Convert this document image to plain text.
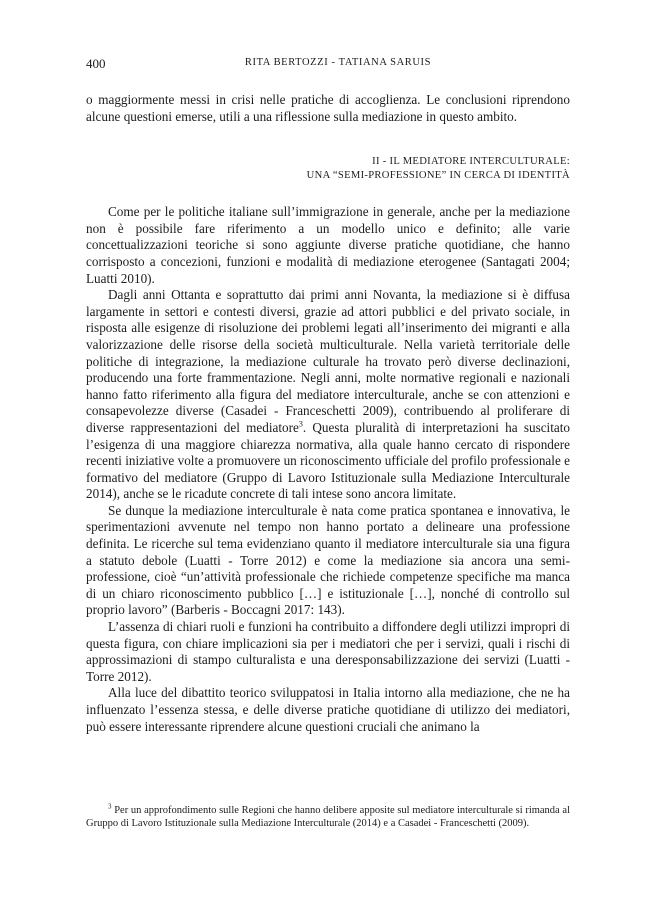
400	RITA BERTOZZI - TATIANA SARUIS

o maggiormente messi in crisi nelle pratiche di accoglienza. Le conclusioni riprendono alcune questioni emerse, utili a una riflessione sulla mediazione in questo ambito.

II - IL MEDIATORE INTERCULTURALE:
UNA “SEMI-PROFESSIONE” IN CERCA DI IDENTITÀ

Come per le politiche italiane sull’immigrazione in generale, anche per la mediazione non è possibile fare riferimento a un modello unico e definito; alle varie concettualizzazioni teoriche si sono aggiunte diverse pratiche quotidiane, che hanno corrisposto a concezioni, funzioni e modalità di mediazione eterogenee (Santagati 2004; Luatti 2010).

Dagli anni Ottanta e soprattutto dai primi anni Novanta, la mediazione si è diffusa largamente in settori e contesti diversi, grazie ad attori pubblici e del privato sociale, in risposta alle esigenze di risoluzione dei problemi legati all’inserimento dei migranti e alla valorizzazione delle risorse della società multiculturale. Nella varietà territoriale delle politiche di integrazione, la mediazione culturale ha trovato però diverse declinazioni, producendo una forte frammentazione. Negli anni, molte normative regionali e nazionali hanno fatto riferimento alla figura del mediatore interculturale, anche se con attenzioni e consapevolezze diverse (Casadei - Franceschetti 2009), contribuendo al proliferare di diverse rappresentazioni del mediatore$^3$. Questa pluralità di interpretazioni ha suscitato l’esigenza di una maggiore chiarezza normativa, alla quale hanno cercato di rispondere recenti iniziative volte a promuovere un riconoscimento ufficiale del profilo professionale e formativo del mediatore (Gruppo di Lavoro Istituzionale sulla Mediazione Interculturale 2014), anche se le ricadute concrete di tali intese sono ancora limitate.

Se dunque la mediazione interculturale è nata come pratica spontanea e innovativa, le sperimentazioni avvenute nel tempo non hanno portato a delineare una professione definita. Le ricerche sul tema evidenziano quanto il mediatore interculturale sia una figura a statuto debole (Luatti - Torre 2012) e come la mediazione sia ancora una semi-professione, cioè “un’attività professionale che richiede competenze specifiche ma manca di un chiaro riconoscimento pubblico […] e istituzionale […], nonché di controllo sul proprio lavoro” (Barberis - Boccagni 2017: 143).

L’assenza di chiari ruoli e funzioni ha contribuito a diffondere degli utilizzi impropri di questa figura, con chiare implicazioni sia per i mediatori che per i servizi, quali i rischi di approssimazioni di stampo culturalista e una deresponsabilizzazione dei servizi (Luatti - Torre 2012).

Alla luce del dibattito teorico sviluppatosi in Italia intorno alla mediazione, che ne ha influenzato l’essenza stessa, e delle diverse pratiche quotidiane di utilizzo dei mediatori, può essere interessante riprendere alcune questioni cruciali che animano la

$^3$ Per un approfondimento sulle Regioni che hanno delibere apposite sul mediatore interculturale si rimanda al Gruppo di Lavoro Istituzionale sulla Mediazione Interculturale (2014) e a Casadei - Franceschetti (2009).
